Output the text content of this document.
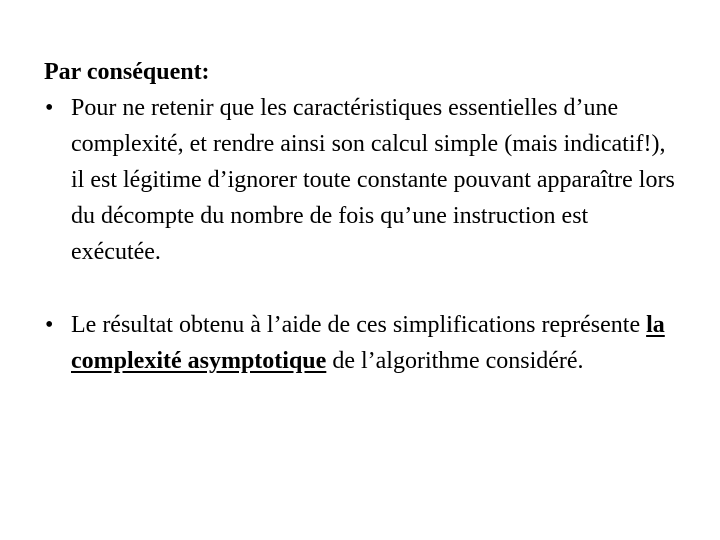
Par conséquent:

• Pour ne retenir que les caractéristiques essentielles d’une complexité, et rendre ainsi son calcul simple (mais indicatif!), il est légitime d’ignorer toute constante pouvant apparaître lors du décompte du nombre de fois qu’une instruction est exécutée.
• Le résultat obtenu à l’aide de ces simplifications représente la complexité asymptotique de l’algorithme considéré.
